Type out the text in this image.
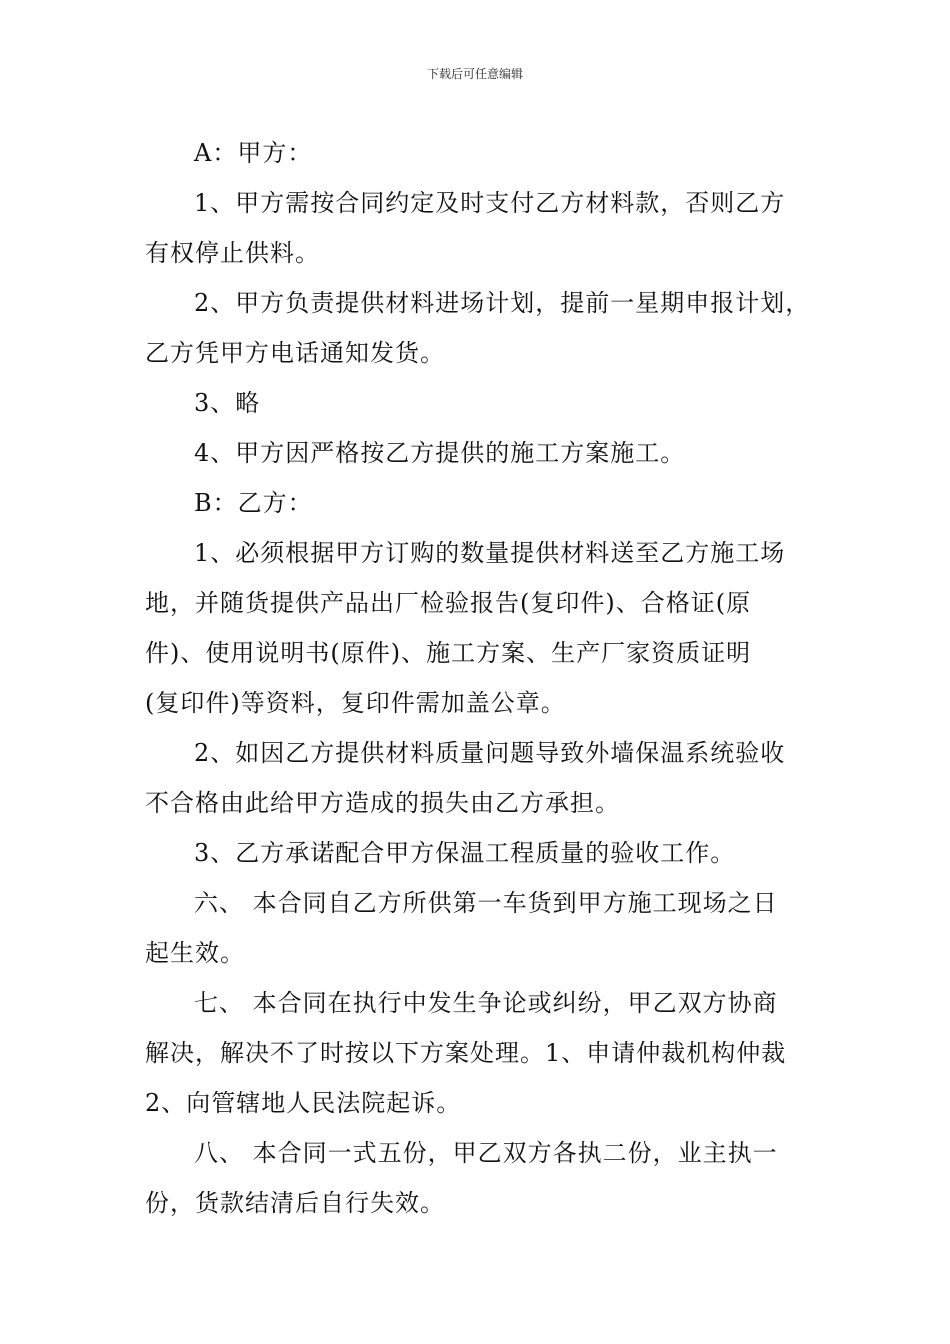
下载后可任意编辑

A：甲方：

1、甲方需按合同约定及时支付乙方材料款，否则乙方
有权停止供料。

2、甲方负责提供材料进场计划，提前一星期申报计划，
乙方凭甲方电话通知发货。

3、略

4、甲方因严格按乙方提供的施工方案施工。

B：乙方：

1、必须根据甲方订购的数量提供材料送至乙方施工场
地，并随货提供产品出厂检验报告(复印件)、合格证(原
件)、使用说明书(原件)、施工方案、生产厂家资质证明
(复印件)等资料，复印件需加盖公章。

2、如因乙方提供材料质量问题导致外墙保温系统验收
不合格由此给甲方造成的损失由乙方承担。

3、乙方承诺配合甲方保温工程质量的验收工作。

六、 本合同自乙方所供第一车货到甲方施工现场之日
起生效。

七、 本合同在执行中发生争论或纠纷，甲乙双方协商
解决，解决不了时按以下方案处理。1、申请仲裁机构仲裁
2、向管辖地人民法院起诉。

八、 本合同一式五份，甲乙双方各执二份，业主执一
份，货款结清后自行失效。
